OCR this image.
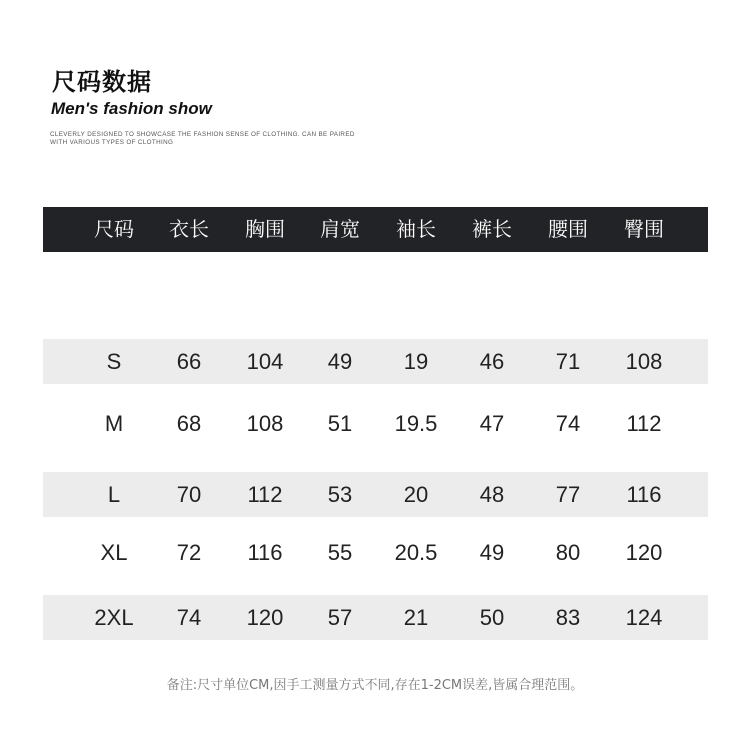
尺码数据
Men's fashion show
CLEVERLY DESIGNED TO SHOWCASE THE FASHION SENSE OF CLOTHING. CAN BE PAIRED WITH VARIOUS TYPES OF CLOTHING
尺码	衣长	胸围	肩宽	袖长	裤长	腰围	臀围
S	66	104	49	19	46	71	108
M	68	108	51	19.5	47	74	112
L	70	112	53	20	48	77	116
XL	72	116	55	20.5	49	80	120
2XL	74	120	57	21	50	83	124
备注:尺寸单位CM,因手工测量方式不同,存在1-2CM误差,皆属合理范围。
